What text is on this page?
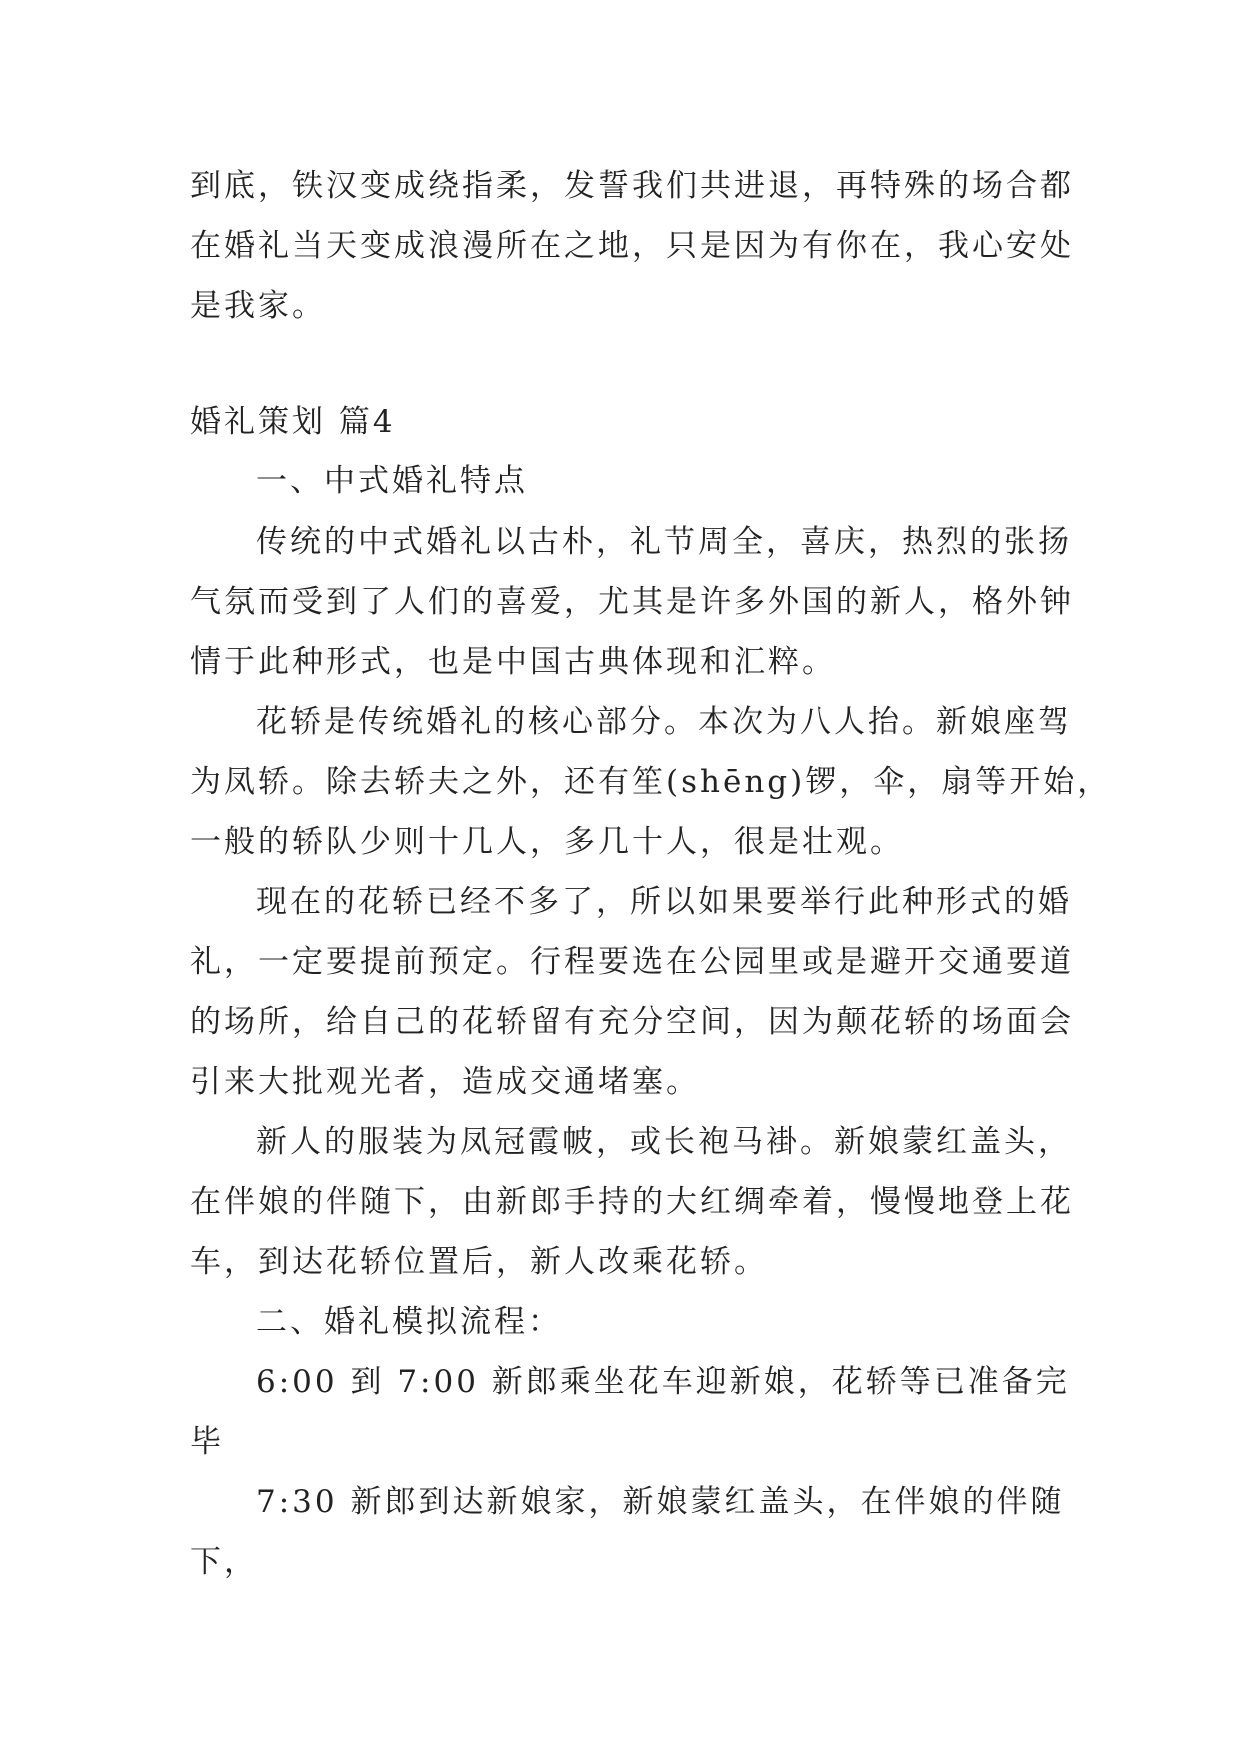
到底，铁汉变成绕指柔，发誓我们共进退，再特殊的场合都

在婚礼当天变成浪漫所在之地，只是因为有你在，我心安处

是我家。

婚礼策划 篇4

一、中式婚礼特点

传统的中式婚礼以古朴，礼节周全，喜庆，热烈的张扬

气氛而受到了人们的喜爱，尤其是许多外国的新人，格外钟

情于此种形式，也是中国古典体现和汇粹。

花轿是传统婚礼的核心部分。本次为八人抬。新娘座驾

为凤轿。除去轿夫之外，还有笙(shēng)锣，伞，扇等开始，

一般的轿队少则十几人，多几十人，很是壮观。

现在的花轿已经不多了，所以如果要举行此种形式的婚

礼，一定要提前预定。行程要选在公园里或是避开交通要道

的场所，给自己的花轿留有充分空间，因为颠花轿的场面会

引来大批观光者，造成交通堵塞。

新人的服装为凤冠霞帔，或长袍马褂。新娘蒙红盖头，

在伴娘的伴随下，由新郎手持的大红绸牵着，慢慢地登上花

车，到达花轿位置后，新人改乘花轿。

二、婚礼模拟流程：

6:00 到 7:00 新郎乘坐花车迎新娘，花轿等已准备完

毕

7:30 新郎到达新娘家，新娘蒙红盖头，在伴娘的伴随

下，
